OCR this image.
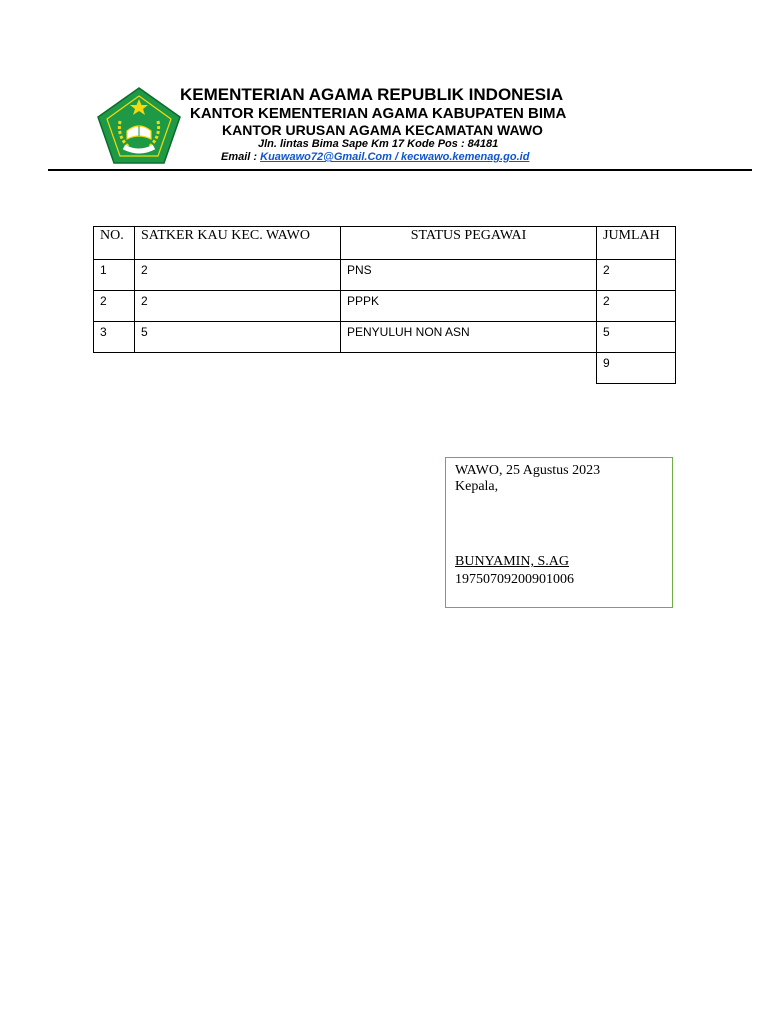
KEMENTERIAN AGAMA REPUBLIK INDONESIA
KANTOR KEMENTERIAN AGAMA KABUPATEN BIMA
KANTOR URUSAN AGAMA KECAMATAN WAWO
Jln. lintas Bima Sape Km 17 Kode Pos : 84181
Email : Kuawawo72@Gmail.Com / kecwawo.kemenag.go.id
NO.	SATKER KAU KEC. WAWO	STATUS PEGAWAI	JUMLAH

1	2	PNS	2

2	2	PPPK	2

3	5	PENYULUH NON ASN	5

			9
WAWO, 25 Agustus 2023
Kepala,
BUNYAMIN, S.AG
19750709200901006
